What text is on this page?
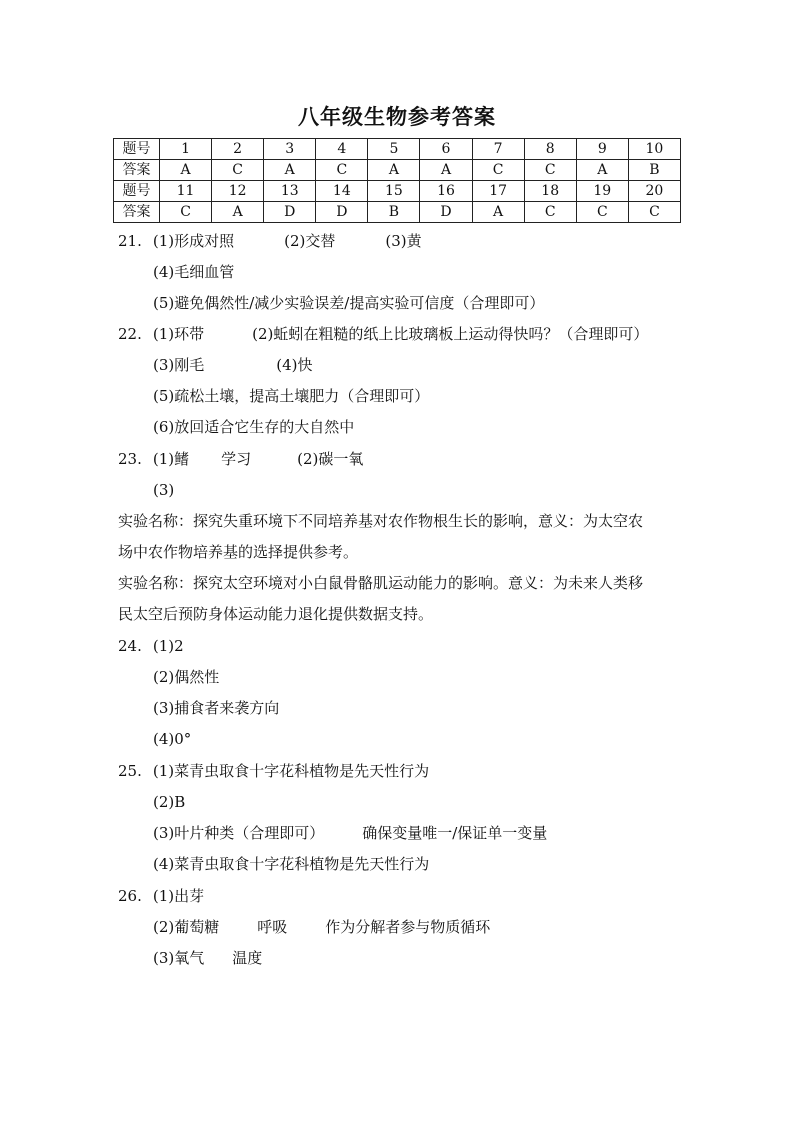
八年级生物参考答案
题号	1	2	3	4	5	6	7	8	9	10
答案	A	C	A	C	A	A	C	C	A	B
题号	11	12	13	14	15	16	17	18	19	20
答案	C	A	D	D	B	D	A	C	C	C
21. (1)形成对照	(2)交替	(3)黄
(4)毛细血管
(5)避免偶然性/减少实验误差/提高实验可信度（合理即可）
22. (1)环带	(2)蚯蚓在粗糙的纸上比玻璃板上运动得快吗？（合理即可）
(3)刚毛	(4)快
(5)疏松土壤，提高土壤肥力（合理即可）
(6)放回适合它生存的大自然中
23. (1)鳍 学习	(2)碳一氧
(3)
实验名称：探究失重环境下不同培养基对农作物根生长的影响，意义：为太空农
场中农作物培养基的选择提供参考。
实验名称：探究太空环境对小白鼠骨骼肌运动能力的影响。意义：为未来人类移
民太空后预防身体运动能力退化提供数据支持。
24. (1)2
(2)偶然性
(3)捕食者来袭方向
(4)0°
25. (1)菜青虫取食十字花科植物是先天性行为
(2)B
(3)叶片种类（合理即可）	确保变量唯一/保证单一变量
(4)菜青虫取食十字花科植物是先天性行为
26. (1)出芽
(2)葡萄糖	呼吸	作为分解者参与物质循环
(3)氧气 温度
